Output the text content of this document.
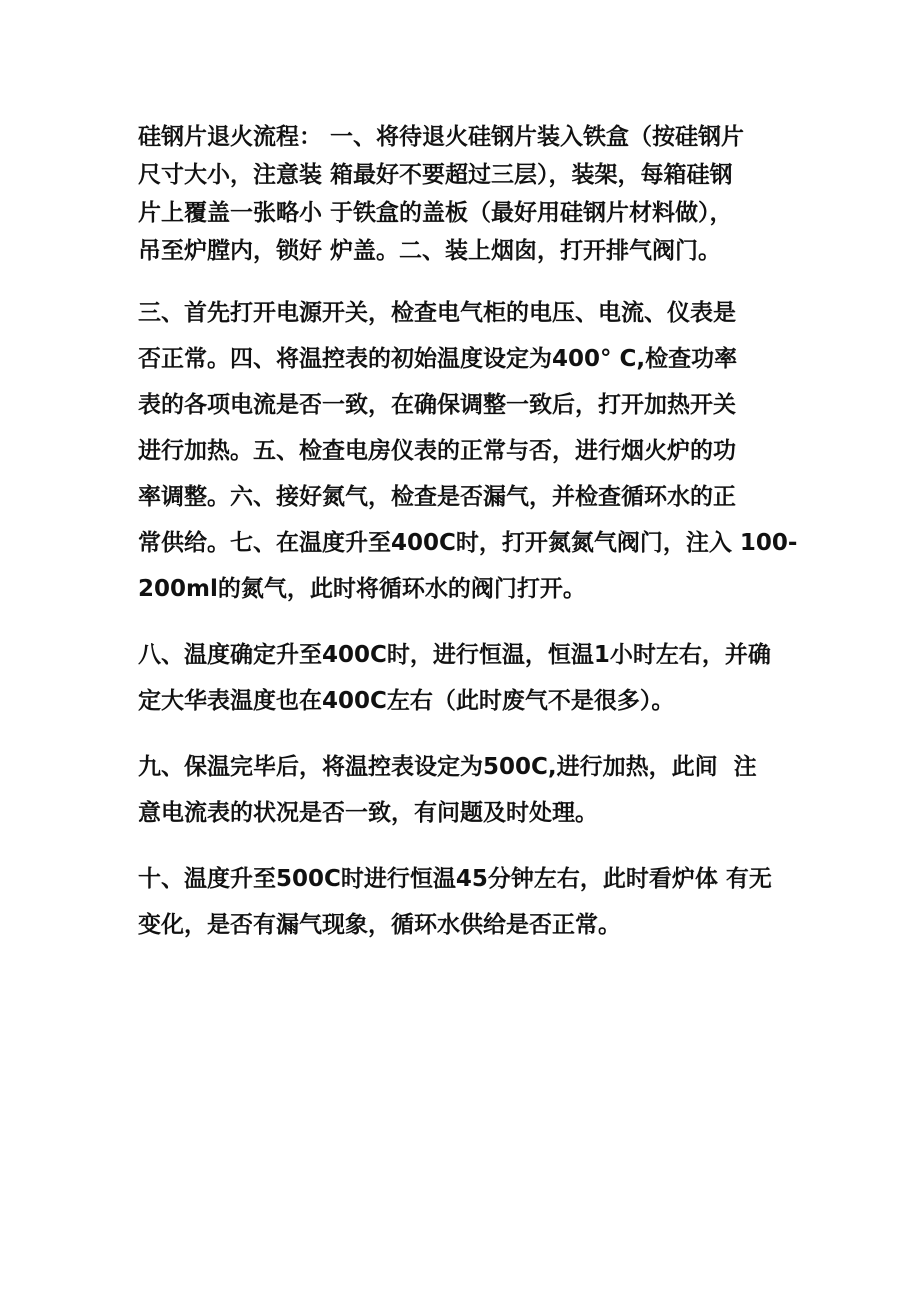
硅钢片退火流程： 一、将待退火硅钢片装入铁盒（按硅钢片
尺寸大小，注意装 箱最好不要超过三层），装架，每箱硅钢
片上覆盖一张略小 于铁盒的盖板（最好用硅钢片材料做），
吊至炉膛内，锁好 炉盖。二、装上烟囱，打开排气阀门。
三、首先打开电源开关，检查电气柜的电压、电流、仪表是
否正常。四、将温控表的初始温度设定为400° C,检查功率
表的各项电流是否一致，在确保调整一致后，打开加热开关
进行加热。五、检查电房仪表的正常与否，进行烟火炉的功
率调整。六、接好氮气，检查是否漏气，并检查循环水的正
常供给。七、在温度升至400C时，打开氮氮气阀门，注入 100-
200ml的氮气，此时将循环水的阀门打开。
八、温度确定升至400C时，进行恒温，恒温1小时左右，并确
定大华表温度也在400C左右（此时废气不是很多）。
九、保温完毕后，将温控表设定为500C,进行加热，此间  注
意电流表的状况是否一致，有问题及时处理。
十、温度升至500C时进行恒温45分钟左右，此时看炉体 有无
变化，是否有漏气现象，循环水供给是否正常。
